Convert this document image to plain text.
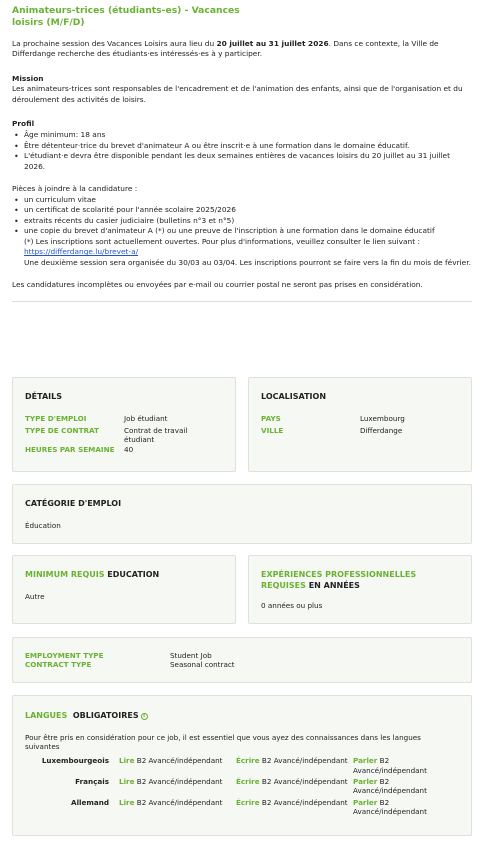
Animateurs-trices (étudiants-es) - Vacances loisirs (M/F/D)

La prochaine session des Vacances Loisirs aura lieu du 20 juillet au 31 juillet 2026. Dans ce contexte, la Ville de Differdange recherche des étudiants·es intéressés·es à y participer.

Mission

Les animateurs-trices sont responsables de l'encadrement et de l'animation des enfants, ainsi que de l'organisation et du déroulement des activités de loisirs.

Profil
• Âge minimum: 18 ans
• Être détenteur·trice du brevet d'animateur A ou être inscrit·e à une formation dans le domaine éducatif.
• L'étudiant·e devra être disponible pendant les deux semaines entières de vacances loisirs du 20 juillet au 31 juillet 2026.
Pièces à joindre à la candidature :
• un curriculum vitae
• un certificat de scolarité pour l'année scolaire 2025/2026
• extraits récents du casier judiciaire (bulletins n°3 et n°5)
• une copie du brevet d'animateur A (*) ou une preuve de l'inscription à une formation dans le domaine éducatif
(*) Les inscriptions sont actuellement ouvertes. Pour plus d'informations, veuillez consulter le lien suivant :
https://differdange.lu/brevet-a/
Une deuxième session sera organisée du 30/03 au 03/04. Les inscriptions pourront se faire vers la fin du mois de février.

Les candidatures incomplètes ou envoyées par e-mail ou courrier postal ne seront pas prises en considération.

DÉTAILS
TYPE D'EMPLOI	Job étudiant
TYPE DE CONTRAT	Contrat de travail étudiant
HEURES PAR SEMAINE	40
LOCALISATION
PAYS	Luxembourg
VILLE	Differdange
CATÉGORIE D'EMPLOI
Éducation
MINIMUM REQUIS EDUCATION
Autre
EXPÉRIENCES PROFESSIONNELLES REQUISES EN ANNÉES
0 années ou plus
EMPLOYMENT TYPE	Student Job
CONTRACT TYPE	Seasonal contract
LANGUES OBLIGATOIRES i

Pour être pris en considération pour ce job, il est essentiel que vous ayez des connaissances dans les langues suivantes

Luxembourgeois	Lire B2 Avancé/indépendant	Écrire B2 Avancé/indépendant Parler B2 Avancé/indépendant
Français	Lire B2 Avancé/indépendant	Écrire B2 Avancé/indépendant Parler B2 Avancé/indépendant
Allemand	Lire B2 Avancé/indépendant	Écrire B2 Avancé/indépendant Parler B2 Avancé/indépendant
